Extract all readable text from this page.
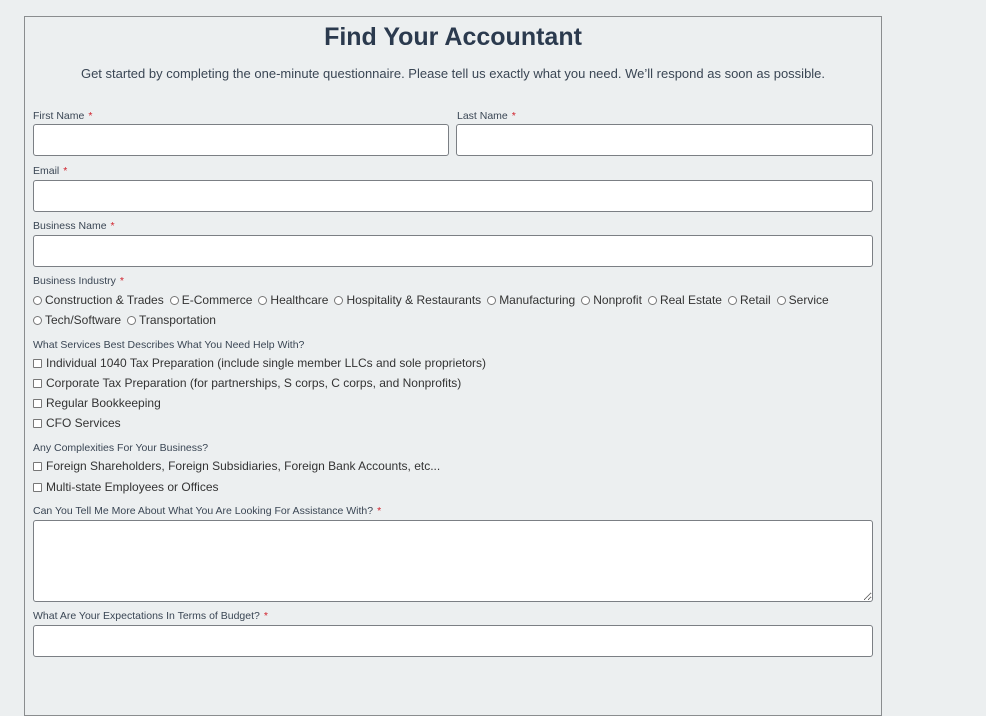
Find Your Accountant
Get started by completing the one-minute questionnaire. Please tell us exactly what you need. We’ll respond as soon as possible.
First Name *	Last Name *
Email *
Business Name *
Business Industry *
Construction & Trades E-Commerce Healthcare Hospitality & Restaurants Manufacturing Nonprofit Real Estate Retail Service
Tech/Software Transportation
What Services Best Describes What You Need Help With?
Individual 1040 Tax Preparation (include single member LLCs and sole proprietors)
Corporate Tax Preparation (for partnerships, S corps, C corps, and Nonprofits)
Regular Bookkeeping
CFO Services
Any Complexities For Your Business?
Foreign Shareholders, Foreign Subsidiaries, Foreign Bank Accounts, etc...
Multi-state Employees or Offices
Can You Tell Me More About What You Are Looking For Assistance With? *
What Are Your Expectations In Terms of Budget? *
